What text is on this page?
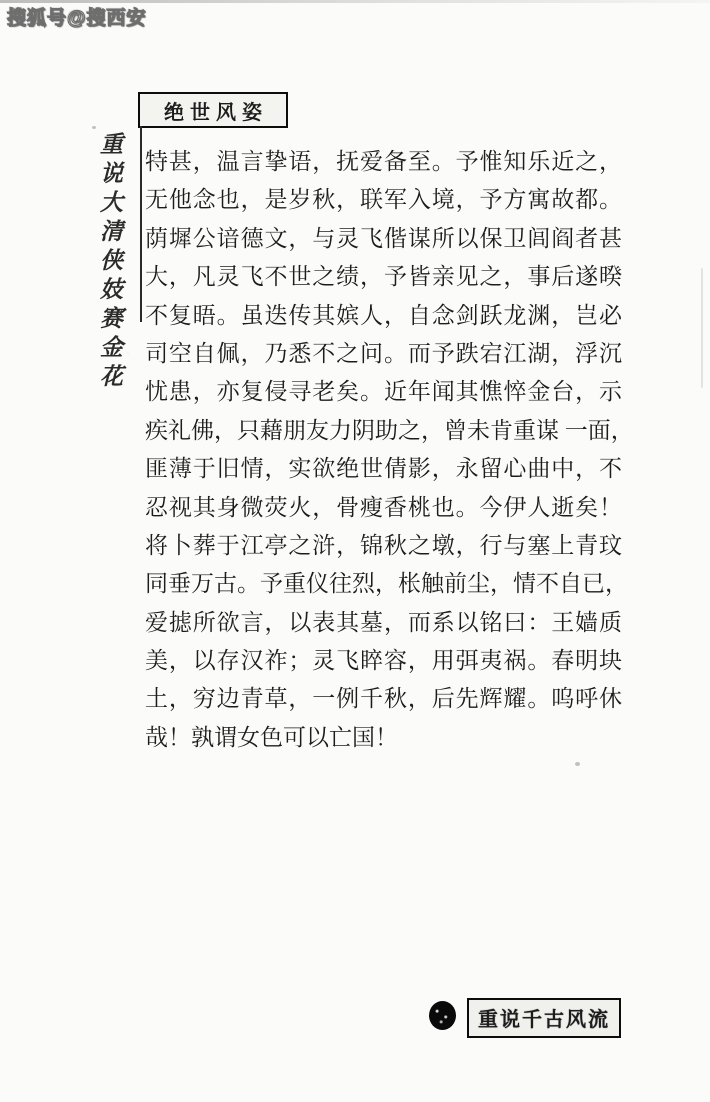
搜狐号@搜西安
绝世风姿
重说大清侠妓赛金花 特甚，温言挚语，抚爱备至。予惟知乐近之，
无他念也，是岁秋，联军入境，予方寓故都。
荫墀公谙德文，与灵飞偕谋所以保卫闾阎者甚
大，凡灵飞不世之绩，予皆亲见之，事后遂暌
不复晤。虽迭传其嫔人，自念剑跃龙渊，岂必
司空自佩，乃悉不之问。而予跌宕江湖，浮沉
忧患，亦复侵寻老矣。近年闻其憔悴金台，示
疾礼佛，只藉朋友力阴助之，曾未肯重谋 一面，
匪薄于旧情，实欲绝世倩影，永留心曲中，不
忍视其身微荧火，骨瘦香桃也。今伊人逝矣！
将卜葬于江亭之浒，锦秋之墩，行与塞上青玟
同垂万古。予重仪往烈，枨触前尘，情不自已，
爱摅所欲言，以表其墓，而系以铭曰：王嫱质
美，以存汉祚；灵飞睟容，用弭夷祸。春明块
土，穷边青草，一例千秋，后先辉耀。呜呼休
哉！孰谓女色可以亡国！
重说千古风流
